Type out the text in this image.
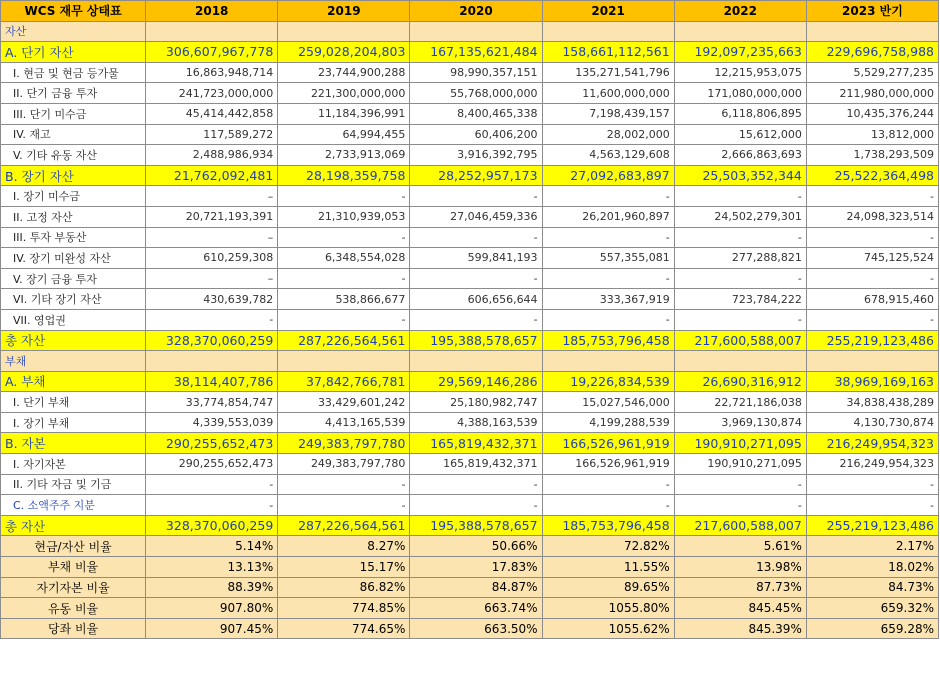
WCS 재무 상태표	2018	2019	2020	2021	2022	2023 반기
자산						
A. 단기 자산	306,607,967,778	259,028,204,803	167,135,621,484	158,661,112,561	192,097,235,663	229,696,758,988
I. 현금 및 현금 등가물	16,863,948,714	23,744,900,288	98,990,357,151	135,271,541,796	12,215,953,075	5,529,277,235
II. 단기 금융 투자	241,723,000,000	221,300,000,000	55,768,000,000	11,600,000,000	171,080,000,000	211,980,000,000
III. 단기 미수금	45,414,442,858	11,184,396,991	8,400,465,338	7,198,439,157	6,118,806,895	10,435,376,244
IV. 재고	117,589,272	64,994,455	60,406,200	28,002,000	15,612,000	13,812,000
V. 기타 유동 자산	2,488,986,934	2,733,913,069	3,916,392,795	4,563,129,608	2,666,863,693	1,738,293,509
B. 장기 자산	21,762,092,481	28,198,359,758	28,252,957,173	27,092,683,897	25,503,352,344	25,522,364,498
I. 장기 미수금	–	-	-	-	-	-
II. 고정 자산	20,721,193,391	21,310,939,053	27,046,459,336	26,201,960,897	24,502,279,301	24,098,323,514
III. 투자 부동산	–	-	-	-	-	-
IV. 장기 미완성 자산	610,259,308	6,348,554,028	599,841,193	557,355,081	277,288,821	745,125,524
V. 장기 금융 투자	–	-	-	-	-	-
VI. 기타 장기 자산	430,639,782	538,866,677	606,656,644	333,367,919	723,784,222	678,915,460
VII. 영업권	-	-	-	-	-	-
총 자산	328,370,060,259	287,226,564,561	195,388,578,657	185,753,796,458	217,600,588,007	255,219,123,486
부채						
A. 부채	38,114,407,786	37,842,766,781	29,569,146,286	19,226,834,539	26,690,316,912	38,969,169,163
I. 단기 부채	33,774,854,747	33,429,601,242	25,180,982,747	15,027,546,000	22,721,186,038	34,838,438,289
I. 장기 부채	4,339,553,039	4,413,165,539	4,388,163,539	4,199,288,539	3,969,130,874	4,130,730,874
B. 자본	290,255,652,473	249,383,797,780	165,819,432,371	166,526,961,919	190,910,271,095	216,249,954,323
I. 자기자본	290,255,652,473	249,383,797,780	165,819,432,371	166,526,961,919	190,910,271,095	216,249,954,323
II. 기타 자금 및 기금	-	-	-	-	-	-
C. 소액주주 지분	-	-	-	-	-	-
총 자산	328,370,060,259	287,226,564,561	195,388,578,657	185,753,796,458	217,600,588,007	255,219,123,486
현금/자산 비율	5.14%	8.27%	50.66%	72.82%	5.61%	2.17%
부채 비율	13.13%	15.17%	17.83%	11.55%	13.98%	18.02%
자기자본 비율	88.39%	86.82%	84.87%	89.65%	87.73%	84.73%
유동 비율	907.80%	774.85%	663.74%	1055.80%	845.45%	659.32%
당좌 비율	907.45%	774.65%	663.50%	1055.62%	845.39%	659.28%
